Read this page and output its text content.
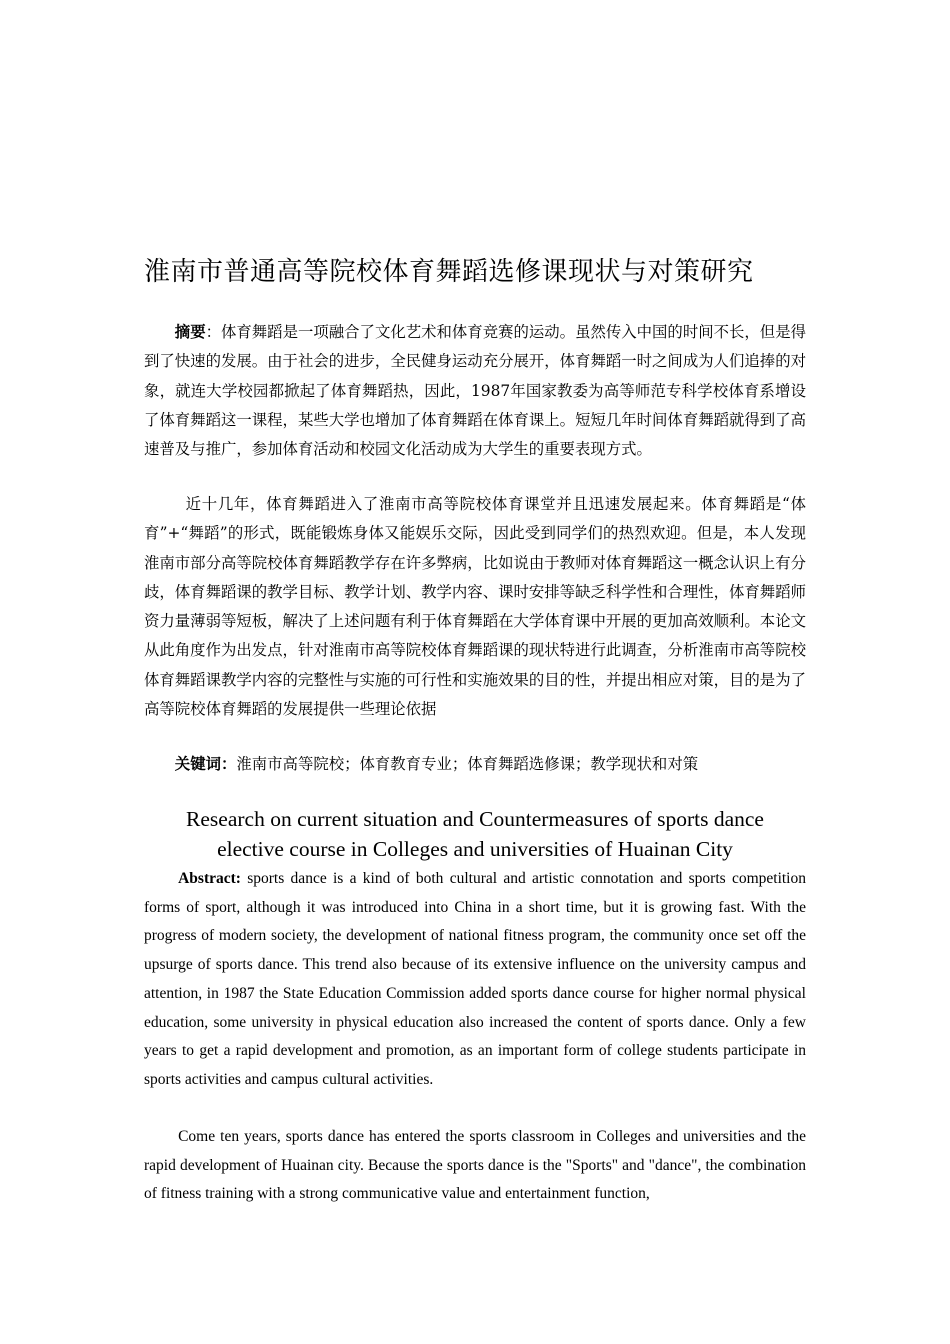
淮南市普通高等院校体育舞蹈选修课现状与对策研究
摘要：体育舞蹈是一项融合了文化艺术和体育竞赛的运动。虽然传入中国的时间不长，但是得到了快速的发展。由于社会的进步，全民健身运动充分展开，体育舞蹈一时之间成为人们追捧的对象，就连大学校园都掀起了体育舞蹈热，因此，1987年国家教委为高等师范专科学校体育系增设了体育舞蹈这一课程，某些大学也增加了体育舞蹈在体育课上。短短几年时间体育舞蹈就得到了高速普及与推广，参加体育活动和校园文化活动成为大学生的重要表现方式。
近十几年，体育舞蹈进入了淮南市高等院校体育课堂并且迅速发展起来。体育舞蹈是“体育”+“舞蹈”的形式，既能锻炼身体又能娱乐交际，因此受到同学们的热烈欢迎。但是，本人发现淮南市部分高等院校体育舞蹈教学存在许多弊病，比如说由于教师对体育舞蹈这一概念认识上有分歧，体育舞蹈课的教学目标、教学计划、教学内容、课时安排等缺乏科学性和合理性，体育舞蹈师资力量薄弱等短板，解决了上述问题有利于体育舞蹈在大学体育课中开展的更加高效顺利。本论文从此角度作为出发点，针对淮南市高等院校体育舞蹈课的现状特进行此调查，分析淮南市高等院校体育舞蹈课教学内容的完整性与实施的可行性和实施效果的目的性，并提出相应对策，目的是为了高等院校体育舞蹈的发展提供一些理论依据
关键词：淮南市高等院校；体育教育专业；体育舞蹈选修课；教学现状和对策
Research on current situation and Countermeasures of sports dance
elective course in Colleges and universities of Huainan City
Abstract: sports dance is a kind of both cultural and artistic connotation and sports competition forms of sport, although it was introduced into China in a short time, but it is growing fast. With the progress of modern society, the development of national fitness program, the community once set off the upsurge of sports dance. This trend also because of its extensive influence on the university campus and attention, in 1987 the State Education Commission added sports dance course for higher normal physical education, some university in physical education also increased the content of sports dance. Only a few years to get a rapid development and promotion, as an important form of college students participate in sports activities and campus cultural activities.
Come ten years, sports dance has entered the sports classroom in Colleges and universities and the rapid development of Huainan city. Because the sports dance is the "Sports" and "dance", the combination of fitness training with a strong communicative value and entertainment function,
